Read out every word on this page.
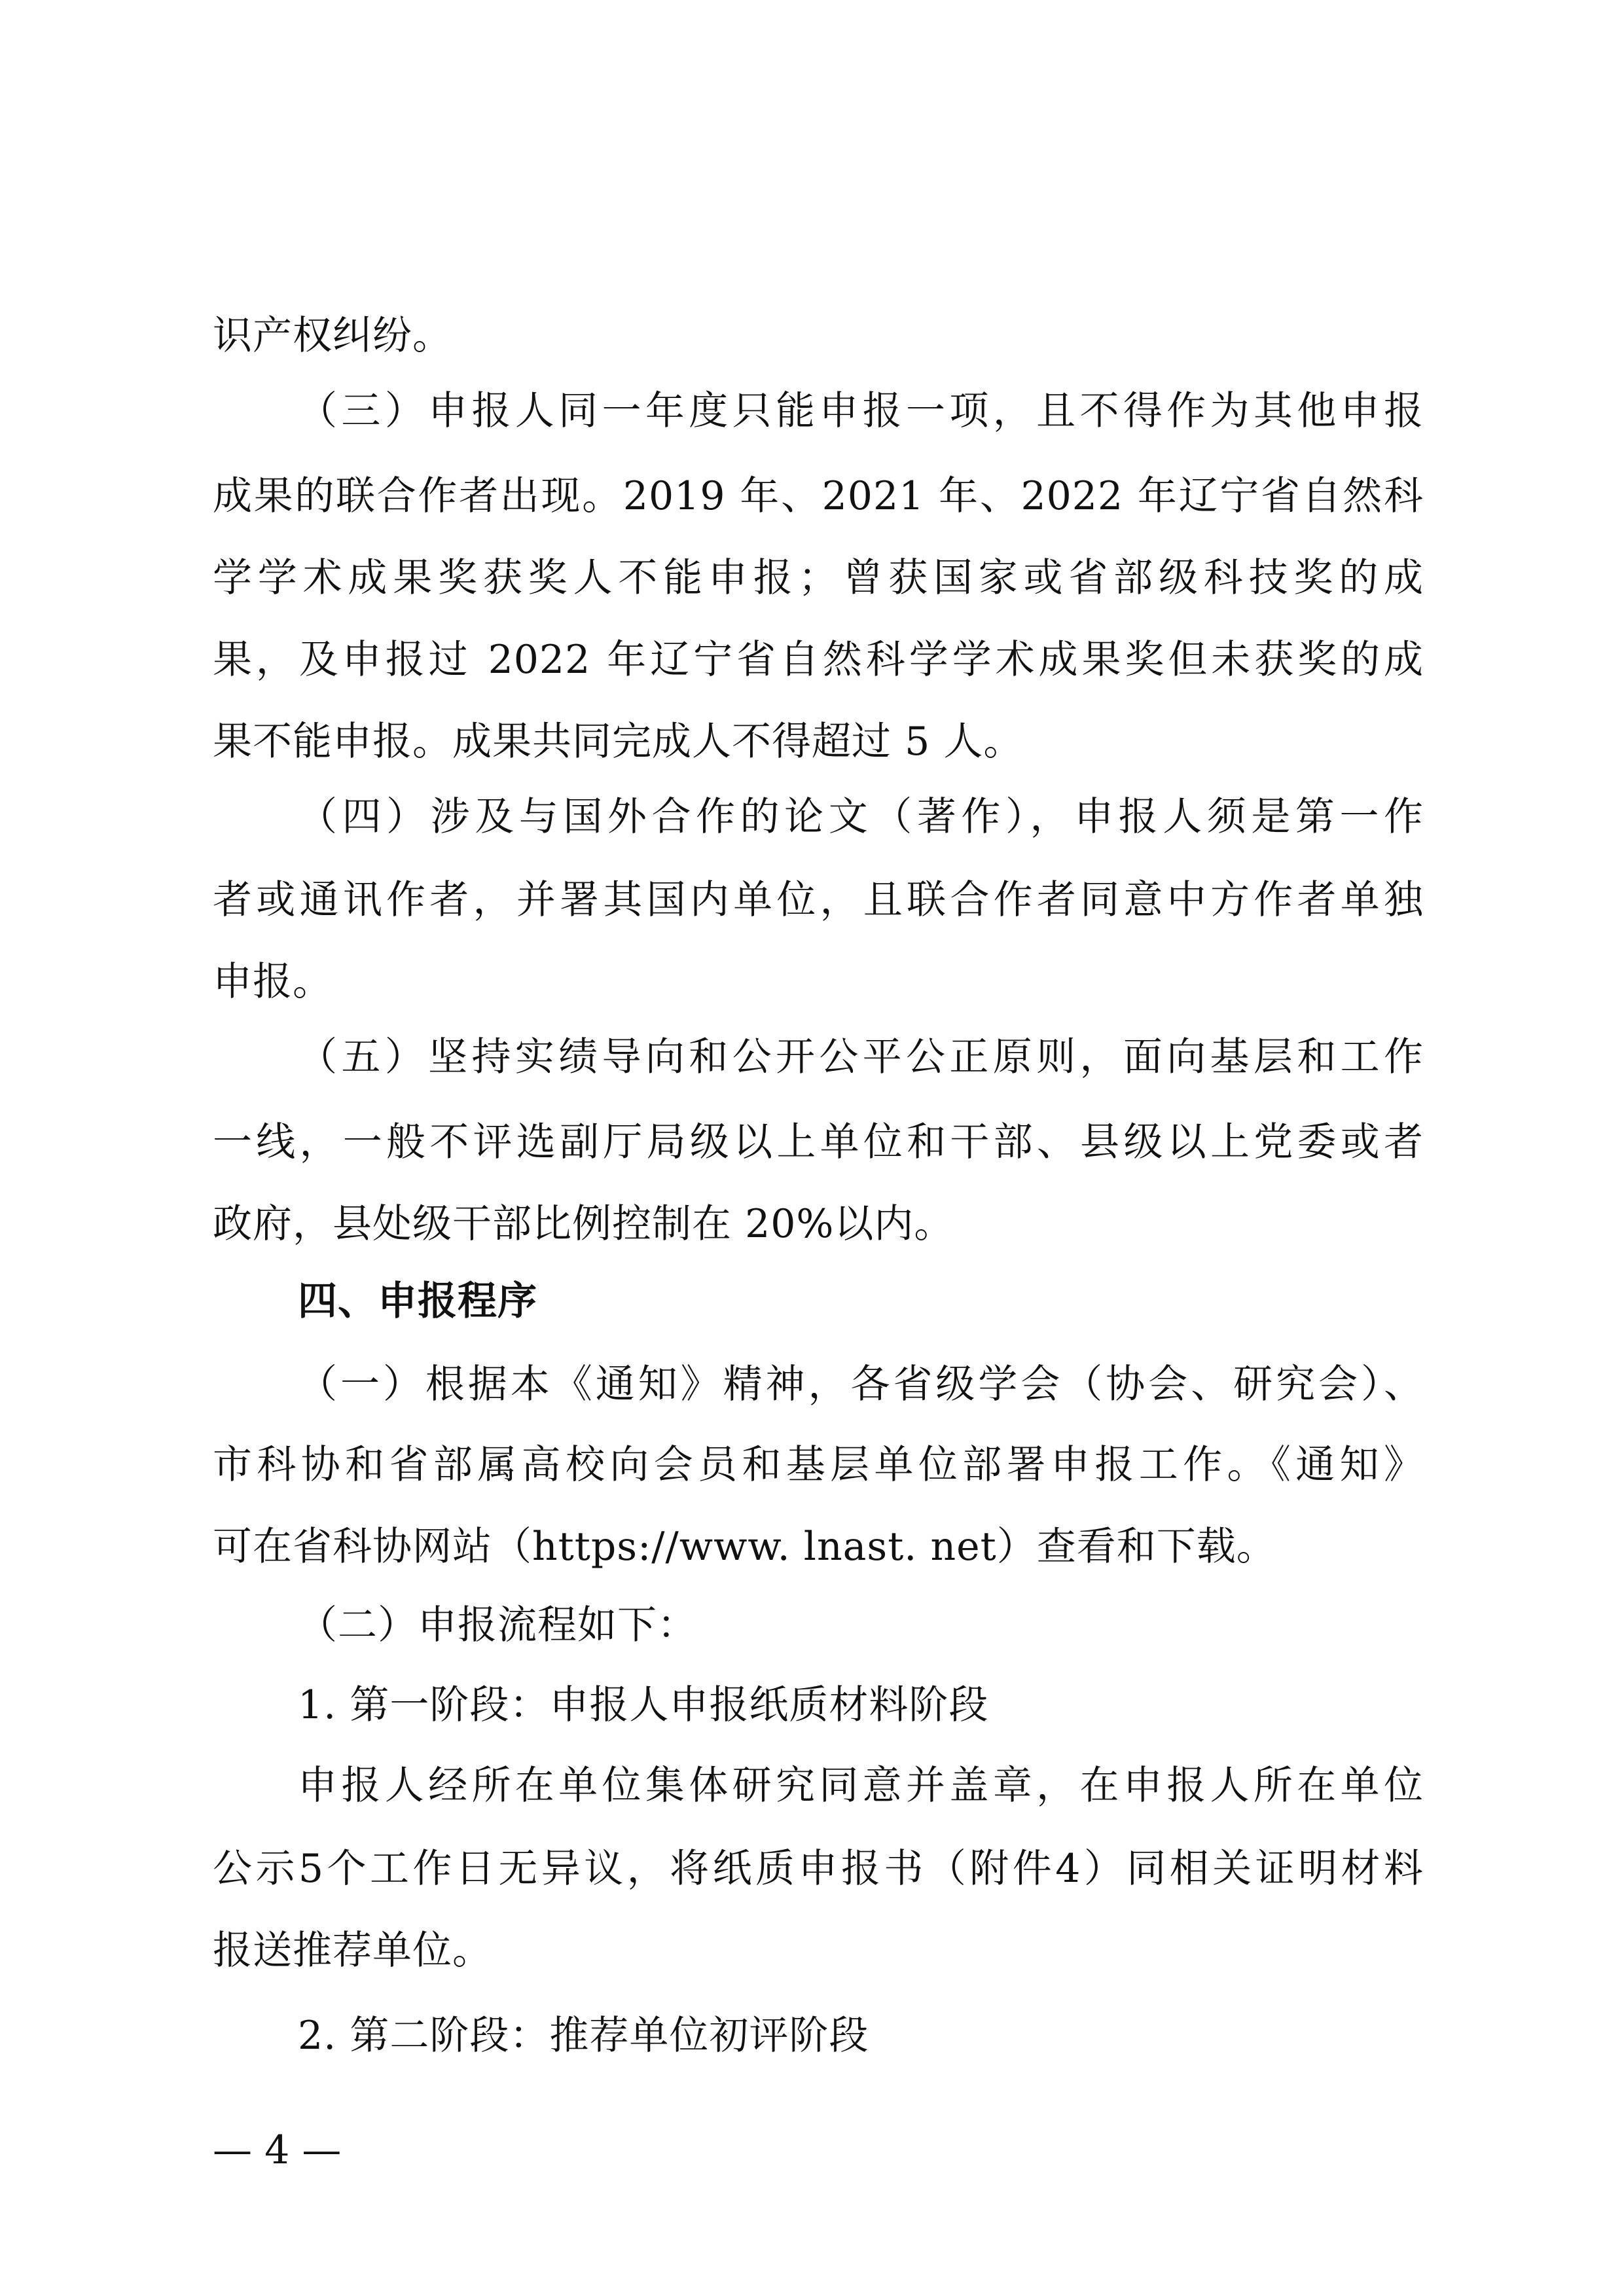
识产权纠纷。
（三）申报人同一年度只能申报一项，且不得作为其他申报
成果的联合作者出现。2019 年、2021 年、2022 年辽宁省自然科
学学术成果奖获奖人不能申报；曾获国家或省部级科技奖的成
果，及申报过 2022 年辽宁省自然科学学术成果奖但未获奖的成
果不能申报。成果共同完成人不得超过 5 人。
（四）涉及与国外合作的论文（著作），申报人须是第一作
者或通讯作者，并署其国内单位，且联合作者同意中方作者单独
申报。
（五）坚持实绩导向和公开公平公正原则，面向基层和工作
一线，一般不评选副厅局级以上单位和干部、县级以上党委或者
政府，县处级干部比例控制在 20%以内。
四、申报程序
（一）根据本《通知》精神，各省级学会（协会、研究会）、
市科协和省部属高校向会员和基层单位部署申报工作。《通知》
可在省科协网站（https://www. lnast. net）查看和下载。
（二）申报流程如下：
1. 第一阶段：申报人申报纸质材料阶段
申报人经所在单位集体研究同意并盖章，在申报人所在单位
公示5个工作日无异议，将纸质申报书（附件4）同相关证明材料
报送推荐单位。
2. 第二阶段：推荐单位初评阶段
— 4 —
